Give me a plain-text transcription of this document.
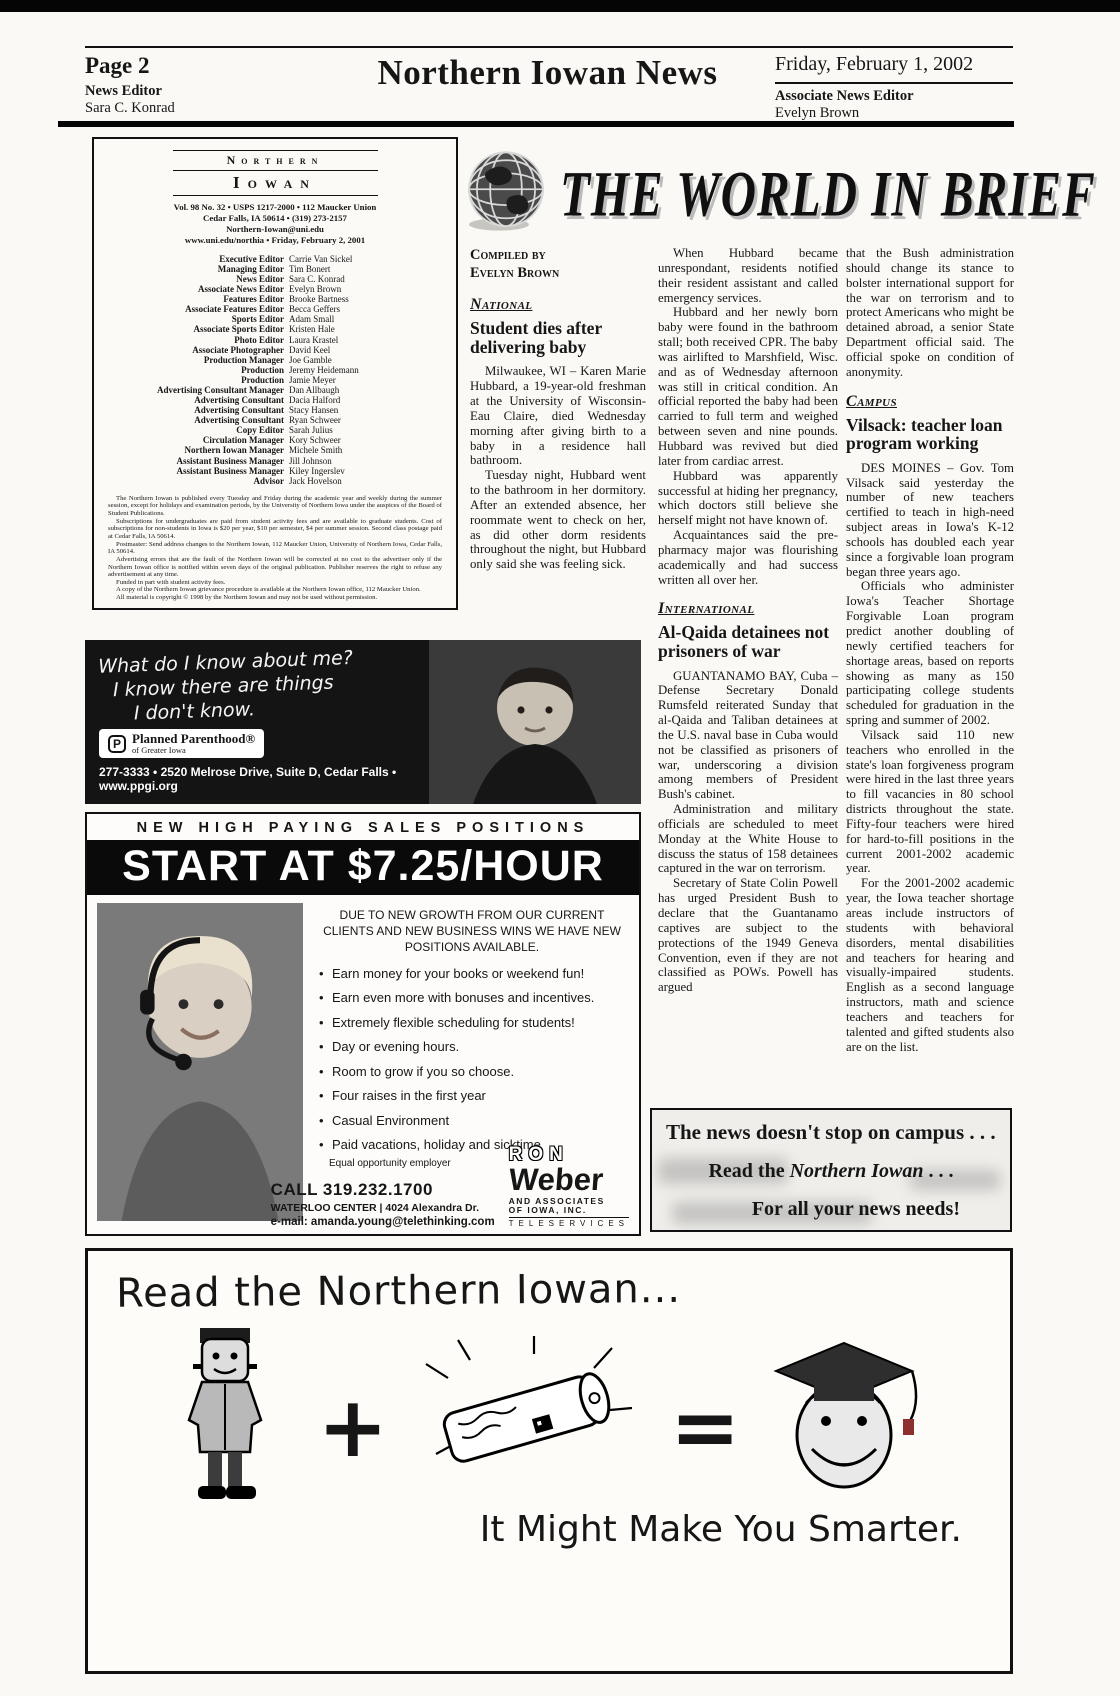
Page 2
News Editor
Sara C. Konrad
Northern Iowan News	Friday, February 1, 2002
Associate News Editor
Evelyn Brown
Northern
Iowan
Vol. 98 No. 32 • USPS 1217-2000 • 112 Maucker Union
Cedar Falls, IA 50614 • (319) 273-2157
Northern-Iowan@uni.edu
www.uni.edu/northia • Friday, February 2, 2001
Executive Editor Carrie Van Sickel
Managing Editor Tim Bonert
News Editor Sara C. Konrad
Associate News Editor Evelyn Brown
Features Editor Brooke Bartness
Associate Features Editor Becca Geffers
Sports Editor Adam Small
Associate Sports Editor Kristen Hale
Photo Editor Laura Krastel
Associate Photographer David Keel
Production Manager Joe Gamble
Production Jeremy Heidemann
Production Jamie Meyer
Advertising Consultant Manager Dan Allbaugh
Advertising Consultant Dacia Halford
Advertising Consultant Stacy Hansen
Advertising Consultant Ryan Schweer
Copy Editor Sarah Julius
Circulation Manager Kory Schweer
Northern Iowan Manager Michele Smith
Assistant Business Manager Jill Johnson
Assistant Business Manager Kiley Ingerslev
Advisor Jack Hovelson

The Northern Iowan is published every Tuesday and Friday during the academic year and weekly during the summer session, except for holidays and examination periods, by the University of Northern Iowa under the auspices of the Board of Student Publications.

Subscriptions for undergraduates are paid from student activity fees and are available to graduate students. Cost of subscriptions for non-students in Iowa is $20 per year, $10 per semester, $4 per summer session. Second class postage paid at Cedar Falls, IA 50614.

Postmaster: Send address changes to the Northern Iowan, 112 Maucker Union, University of Northern Iowa, Cedar Falls, IA 50614.

Advertising errors that are the fault of the Northern Iowan will be corrected at no cost to the advertiser only if the Northern Iowan office is notified within seven days of the original publication. Publisher reserves the right to refuse any advertisement at any time.

Funded in part with student activity fees.

A copy of the Northern Iowan grievance procedure is available at the Northern Iowan office, 112 Maucker Union.

All material is copyright © 1998 by the Northern Iowan and may not be used without permission.

THE WORLD IN BRIEF
Compiled by
Evelyn Brown
National
Student dies after delivering baby
Milwaukee, WI – Karen Marie Hubbard, a 19-year-old freshman at the University of Wisconsin-Eau Claire, died Wednesday morning after giving birth to a baby in a residence hall bathroom.
Tuesday night, Hubbard went to the bathroom in her dormitory. After an extended absence, her roommate went to check on her, as did other dorm residents throughout the night, but Hubbard only said she was feeling sick.
When Hubbard became unrespondant, residents notified their resident assistant and called emergency services.
Hubbard and her newly born baby were found in the bathroom stall; both received CPR. The baby was airlifted to Marshfield, Wisc. and as of Wednesday afternoon was still in critical condition. An official reported the baby had been carried to full term and weighed between seven and nine pounds. Hubbard was revived but died later from cardiac arrest.
Hubbard was apparently successful at hiding her pregnancy, which doctors still believe she herself might not have known of.
Acquaintances said the pre-pharmacy major was flourishing academically and had success written all over her.
International
Al-Qaida detainees not prisoners of war
GUANTANAMO BAY, Cuba – Defense Secretary Donald Rumsfeld reiterated Sunday that al-Qaida and Taliban detainees at the U.S. naval base in Cuba would not be classified as prisoners of war, underscoring a division among members of President Bush's cabinet.
Administration and military officials are scheduled to meet Monday at the White House to discuss the status of 158 detainees captured in the war on terrorism.
Secretary of State Colin Powell has urged President Bush to declare that the Guantanamo captives are subject to the protections of the 1949 Geneva Convention, even if they are not classified as POWs. Powell has argued
that the Bush administration should change its stance to bolster international support for the war on terrorism and to protect Americans who might be detained abroad, a senior State Department official said. The official spoke on condition of anonymity.
Campus
Vilsack: teacher loan program working
DES MOINES – Gov. Tom Vilsack said yesterday the number of new teachers certified to teach in high-need subject areas in Iowa's K-12 schools has doubled each year since a forgivable loan program began three years ago.
Officials who administer Iowa's Teacher Shortage Forgivable Loan program predict another doubling of newly certified teachers for shortage areas, based on reports showing as many as 150 participating college students scheduled for graduation in the spring and summer of 2002.
Vilsack said 110 new teachers who enrolled in the state's loan forgiveness program were hired in the last three years to fill vacancies in 80 school districts throughout the state. Fifty-four teachers were hired for hard-to-fill positions in the current 2001-2002 academic year.
For the 2001-2002 academic year, the Iowa teacher shortage areas include instructors of students with behavioral disorders, mental disabilities and teachers for hearing and visually-impaired students. English as a second language instructors, math and science teachers and teachers for talented and gifted students also are on the list.
What do I know about me?
I know there are things
I don't know.
P Planned Parenthood®
of Greater Iowa
277-3333 • 2520 Melrose Drive, Suite D, Cedar Falls • www.ppgi.org
NEW HIGH PAYING SALES POSITIONS
START AT $7.25/HOUR

DUE TO NEW GROWTH FROM OUR CURRENT CLIENTS AND NEW BUSINESS WINS WE HAVE NEW POSITIONS AVAILABLE.

• Earn money for your books or weekend fun!
• Earn even more with bonuses and incentives.
• Extremely flexible scheduling for students!
• Day or evening hours.
• Room to grow if you so choose.
• Four raises in the first year
• Casual Environment
• Paid vacations, holiday and sicktime
Equal opportunity employer
CALL 319.232.1700
WATERLOO CENTER | 4024 Alexandra Dr.
e-mail: amanda.young@telethinking.com
RON
Weber
AND ASSOCIATES
OF IOWA, INC.
TELESERVICES
The news doesn't stop on campus . . .
Read the Northern Iowan . . .
For all your news needs!
Read the Northern Iowan...
+	=
It Might Make You Smarter.
